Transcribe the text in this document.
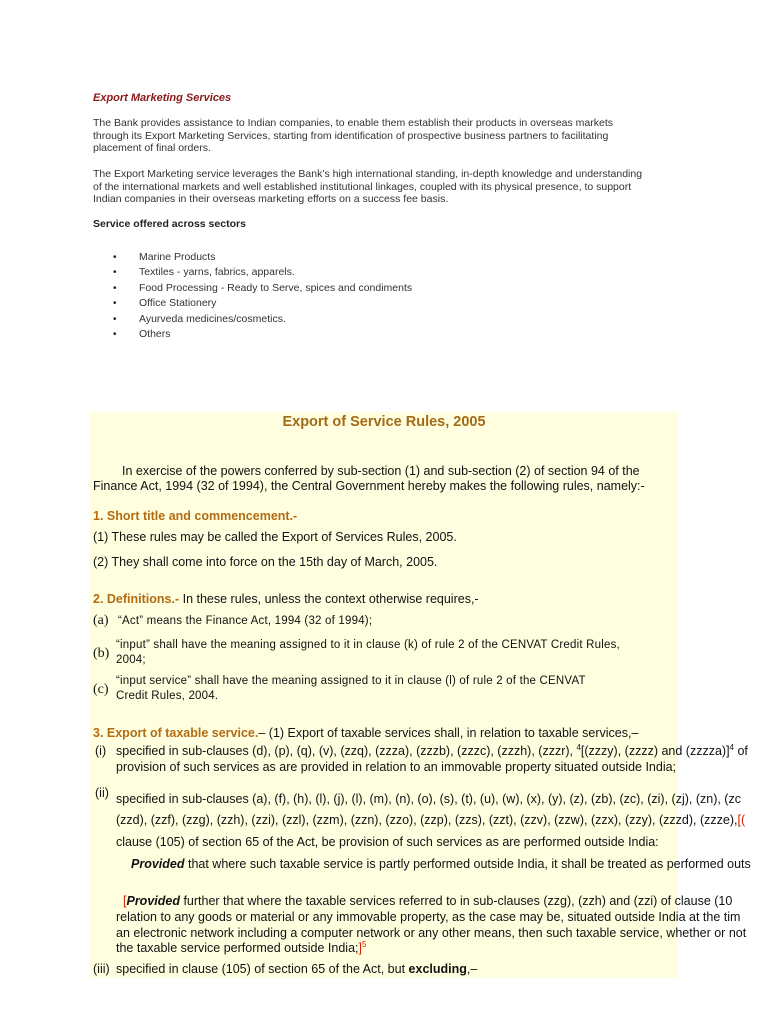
Export Marketing Services
The Bank provides assistance to Indian companies, to enable them establish their products in overseas markets
through its Export Marketing Services, starting from identification of prospective business partners to facilitating
placement of final orders.
The Export Marketing service leverages the Bank’s high international standing, in-depth knowledge and understanding
of the international markets and well established institutional linkages, coupled with its physical presence, to support
Indian companies in their overseas marketing efforts on a success fee basis.
Service offered across sectors
• Marine Products
• Textiles - yarns, fabrics, apparels.
• Food Processing - Ready to Serve, spices and condiments
• Office Stationery
• Ayurveda medicines/cosmetics.
• Others
Export of Service Rules, 2005
In exercise of the powers conferred by sub-section (1) and sub-section (2) of section 94 of the
Finance Act, 1994 (32 of 1994), the Central Government hereby makes the following rules, namely:-
1. Short title and commencement.-
(1) These rules may be called the Export of Services Rules, 2005.
(2) They shall come into force on the 15th day of March, 2005.
2. Definitions.- In these rules, unless the context otherwise requires,-
(a) “Act” means the Finance Act, 1994 (32 of 1994);
(b)
“input” shall have the meaning assigned to it in clause (k) of rule 2 of the CENVAT Credit Rules,
2004;
(c)
“input service” shall have the meaning assigned to it in clause (l) of rule 2 of the CENVAT
Credit Rules, 2004.
3. Export of taxable service.– (1) Export of taxable services shall, in relation to taxable services,–
(i) specified in sub-clauses (d), (p), (q), (v), (zzq), (zzza), (zzzb), (zzzc), (zzzh), (zzzr), $^4$[(zzzy), (zzzz) and (zzzza)]$^4$ of
provision of such services as are provided in relation to an immovable property situated outside India;
(ii) specified in sub-clauses (a), (f), (h), (l), (j), (l), (m), (n), (o), (s), (t), (u), (w), (x), (y), (z), (zb), (zc), (zi), (zj), (zn), (zc
(zzd), (zzf), (zzg), (zzh), (zzi), (zzl), (zzm), (zzn), (zzo), (zzp), (zzs), (zzt), (zzv), (zzw), (zzx), (zzy), (zzzd), (zzze),[(
clause (105) of section 65 of the Act, be provision of such services as are performed outside India:
Provided that where such taxable service is partly performed outside India, it shall be treated as performed outs
[Provided further that where the taxable services referred to in sub-clauses (zzg), (zzh) and (zzi) of clause (10
relation to any goods or material or any immovable property, as the case may be, situated outside India at the tim
an electronic network including a computer network or any other means, then such taxable service, whether or not
the taxable service performed outside India;]$^5$
(iii) specified in clause (105) of section 65 of the Act, but excluding,–
